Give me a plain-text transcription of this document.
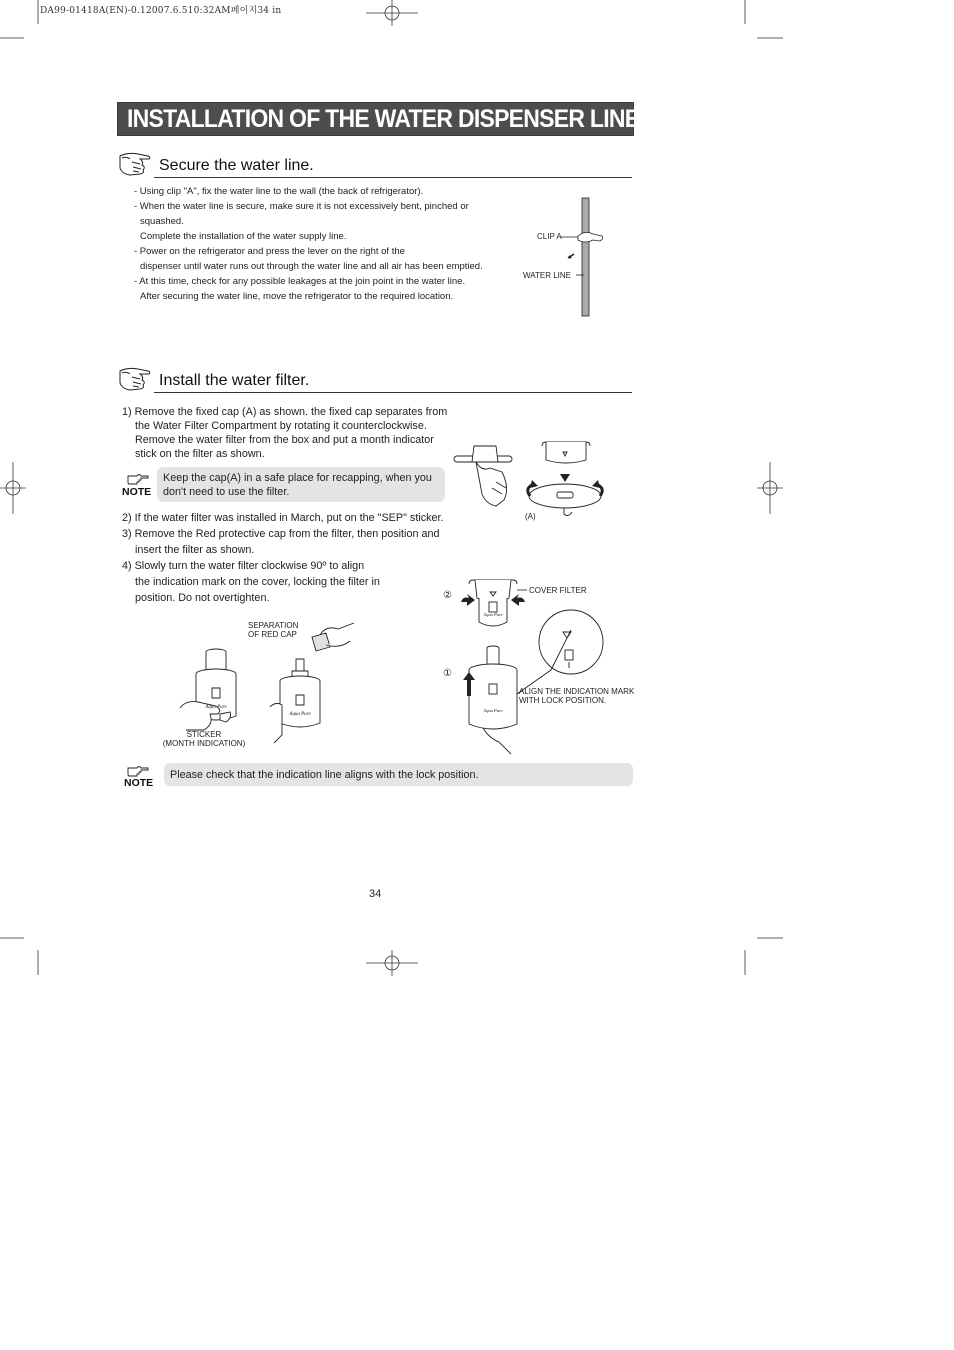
DA99-01418A(EN)-0.12007.6.510:32AM페이지34 in
INSTALLATION OF THE WATER DISPENSER LINE
Secure the water line.
- Using clip "A", fix the water line to the wall (the back of refrigerator).
- When the water line is secure, make sure it is not excessively bent, pinched or
squashed.
Complete the installation of the water supply line.
- Power on the refrigerator and press the lever on the right of the
dispenser until water runs out through the water line and all air has been emptied.
- At this time, check for any possible leakages at the join point in the water line.
After securing the water line, move the refrigerator to the required location.
CLIP A
WATER LINE
Install the water filter.
1) Remove the fixed cap (A) as shown. the fixed cap separates from
the Water Filter Compartment by rotating it counterclockwise.
Remove the water filter from the box and put a month indicator
stick on the filter as shown.
NOTE
Keep the cap(A) in a safe place for recapping, when you
don't need to use the filter.
2) If the water filter was installed in March, put on the "SEP" sticker.
3) Remove the Red protective cap from the filter, then position and
insert the filter as shown.
4) Slowly turn the water filter clockwise 90º to align
the indication mark on the cover, locking the filter in
position. Do not overtighten.
(A)
Aqua Pure
STICKER
(MONTH INDICATION)
Aqua Pure
SEPARATION
OF RED CAP
Aqua Pure
Aqua Pure
COVER FILTER
②
①
ALIGN THE INDICATION MARK
WITH LOCK POSITION.
NOTE
Please check that the indication line aligns with the lock position.
34
